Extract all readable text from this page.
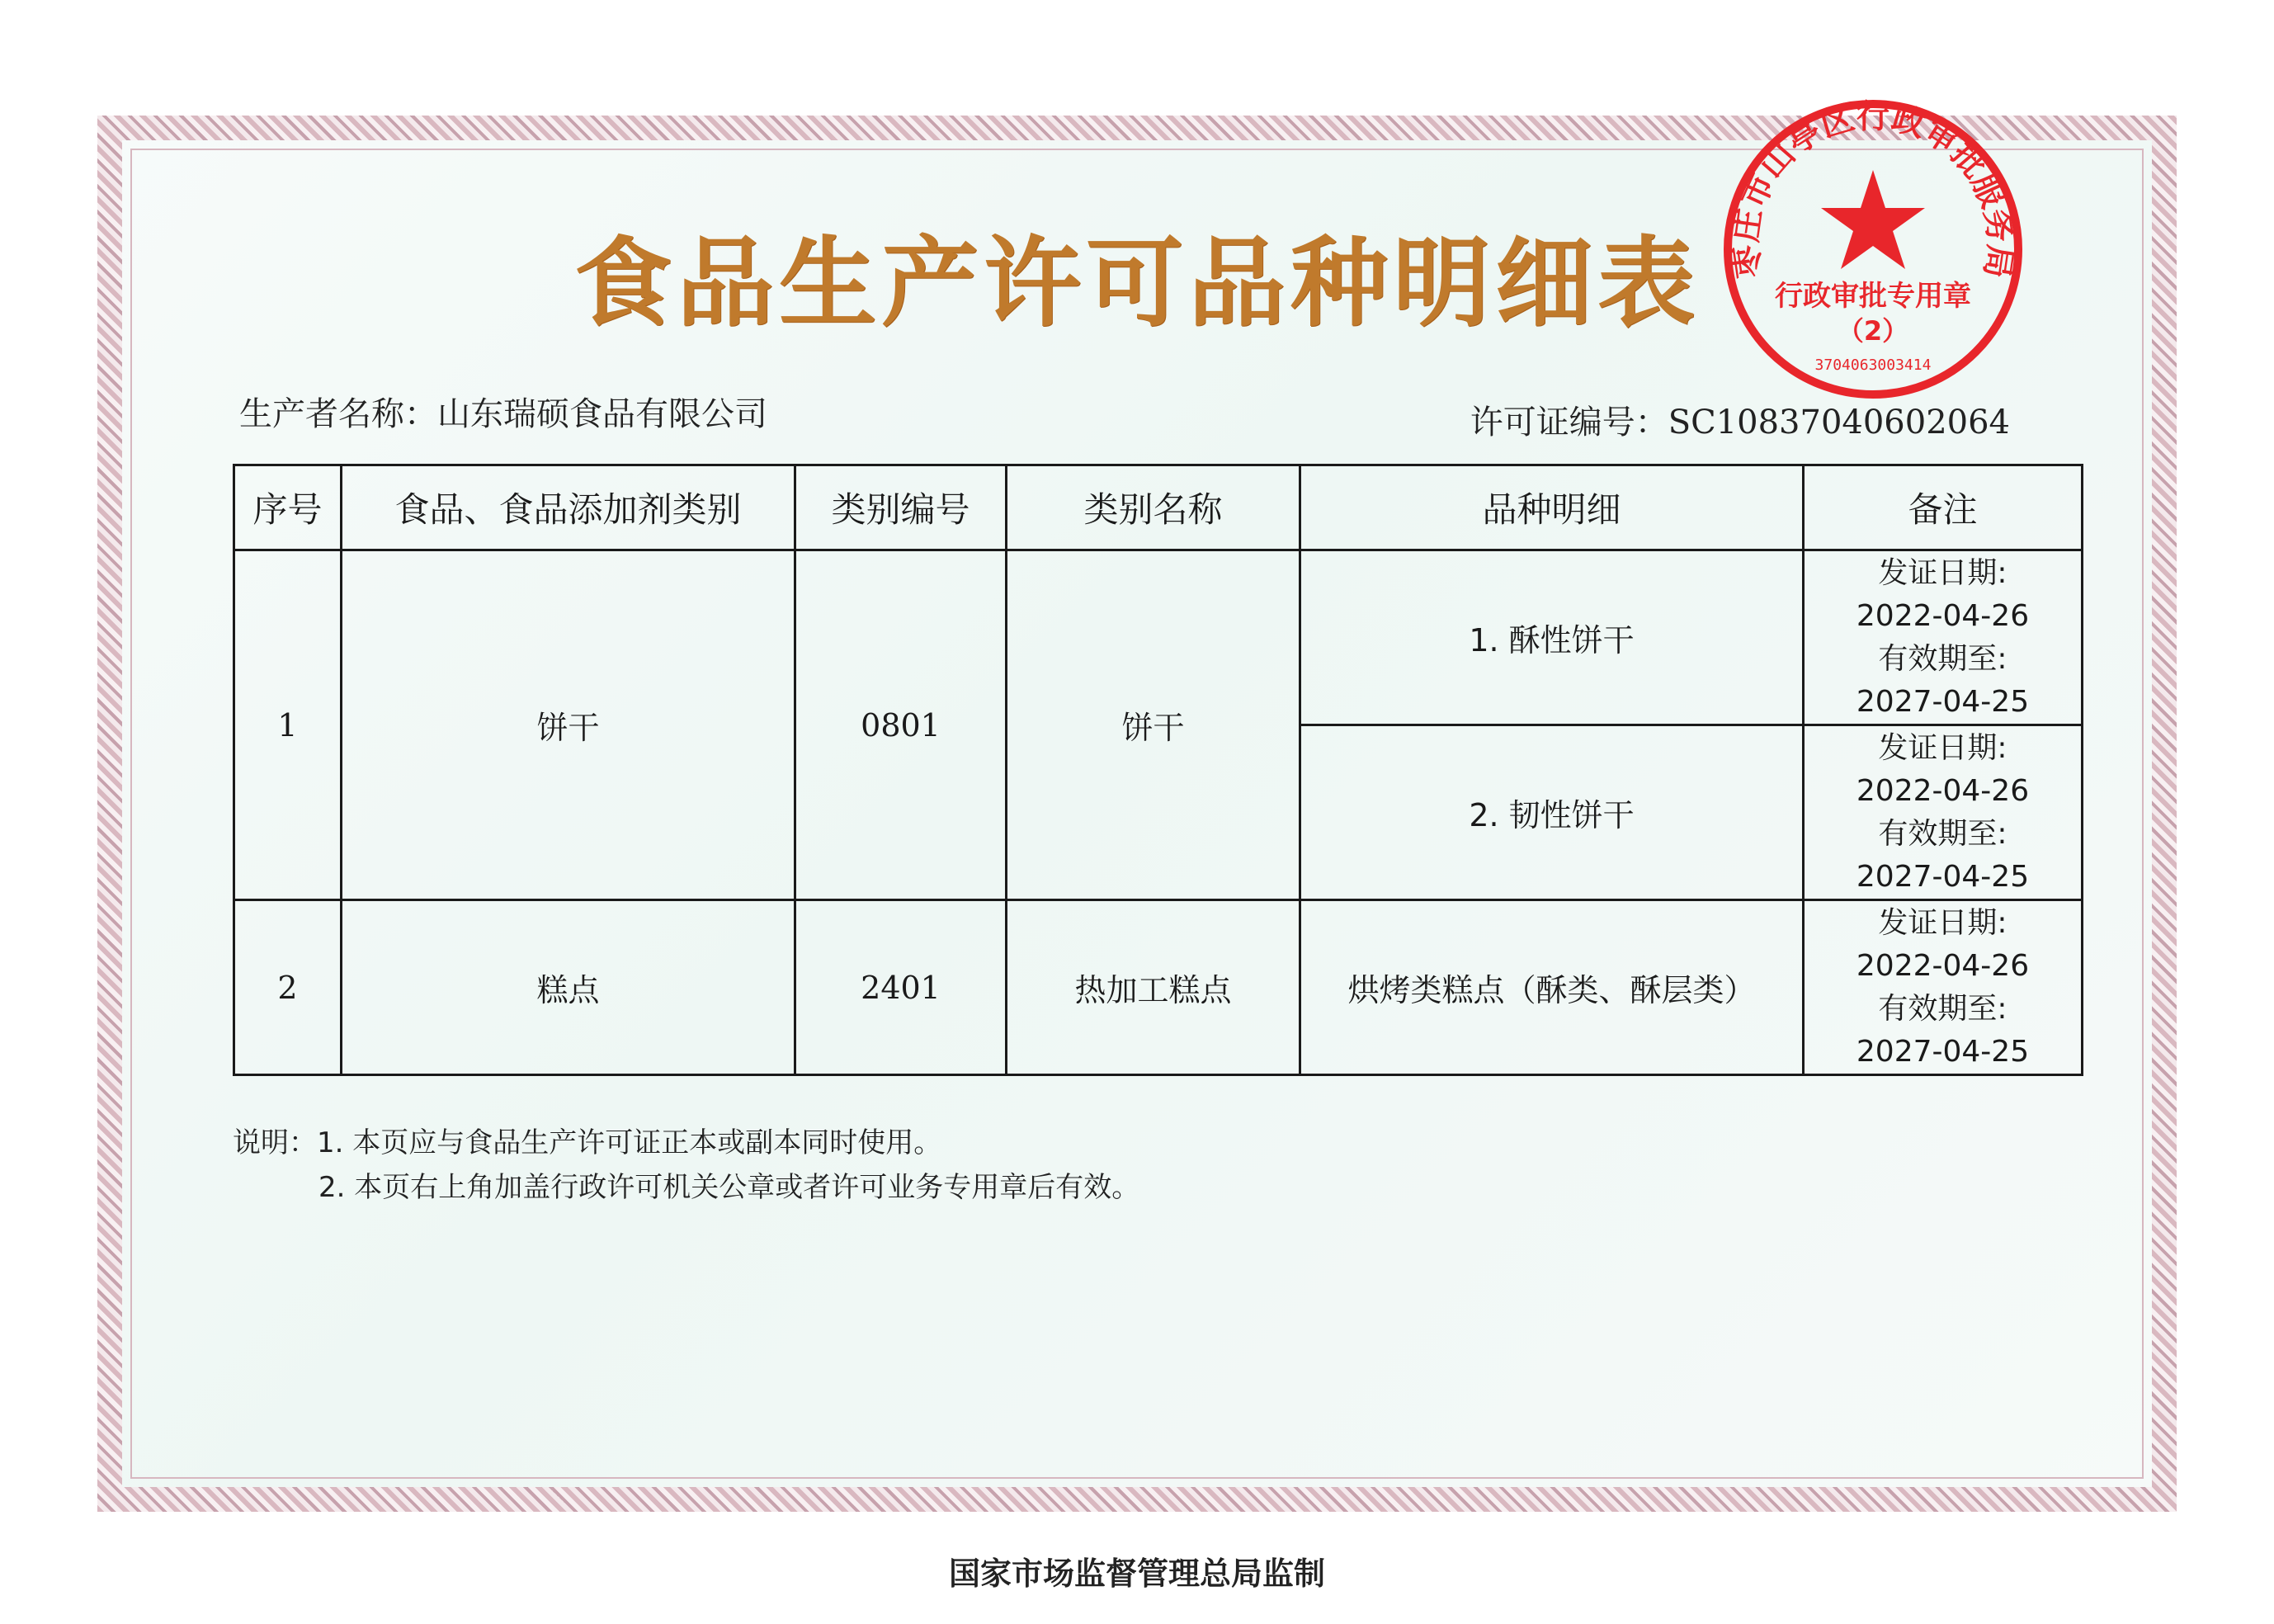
食品生产许可品种明细表
生产者名称：山东瑞硕食品有限公司	许可证编号：SC10837040602064
序号	食品、食品添加剂类别	类别编号	类别名称	品种明细	备注
1	饼干	0801	饼干	1. 酥性饼干	发证日期:
2022-04-26
有效期至:
2027-04-25

				2. 韧性饼干	发证日期:
2022-04-26
有效期至:
2027-04-25

2	糕点	2401	热加工糕点	烘烤类糕点（酥类、酥层类）	发证日期:
2022-04-26
有效期至:
2027-04-25
说明：1. 本页应与食品生产许可证正本或副本同时使用。
2. 本页右上角加盖行政许可机关公章或者许可业务专用章后有效。
枣庄市山亭区行政审批服务局
行政审批专用章
（2）
3704063003414
国家市场监督管理总局监制
